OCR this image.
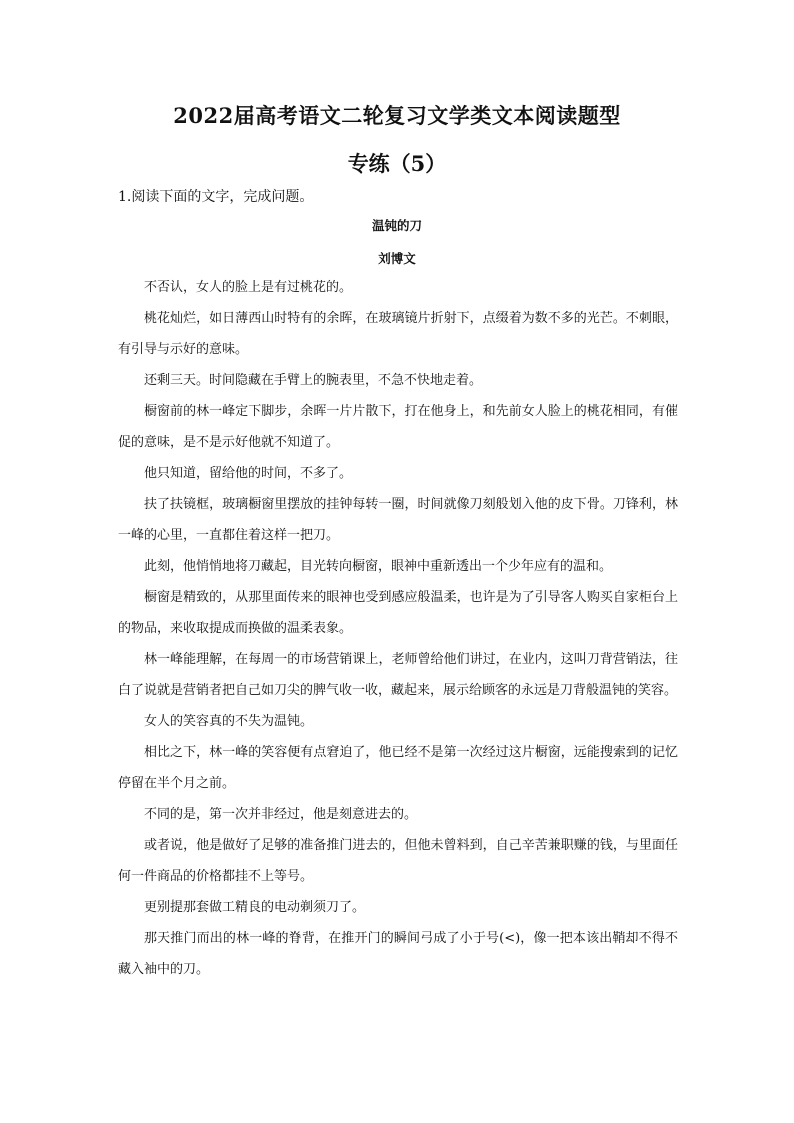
2022届高考语文二轮复习文学类文本阅读题型
专练（5）
1.阅读下面的文字，完成问题。
温钝的刀
刘博文

不否认，女人的脸上是有过桃花的。

桃花灿烂，如日薄西山时特有的余晖，在玻璃镜片折射下，点缀着为数不多的光芒。不刺眼，有引导与示好的意味。

还剩三天。时间隐藏在手臂上的腕表里，不急不快地走着。

橱窗前的林一峰定下脚步，余晖一片片散下，打在他身上，和先前女人脸上的桃花相同，有催促的意味，是不是示好他就不知道了。

他只知道，留给他的时间，不多了。

扶了扶镜框，玻璃橱窗里摆放的挂钟每转一圈，时间就像刀刻般划入他的皮下骨。刀锋利，林一峰的心里，一直都住着这样一把刀。

此刻，他悄悄地将刀藏起，目光转向橱窗，眼神中重新透出一个少年应有的温和。

橱窗是精致的，从那里面传来的眼神也受到感应般温柔，也许是为了引导客人购买自家柜台上的物品，来收取提成而换做的温柔表象。

林一峰能理解，在每周一的市场营销课上，老师曾给他们讲过，在业内，这叫刀背营销法，往白了说就是营销者把自己如刀尖的脾气收一收，藏起来，展示给顾客的永远是刀背般温钝的笑容。

女人的笑容真的不失为温钝。

相比之下，林一峰的笑容便有点窘迫了，他已经不是第一次经过这片橱窗，远能搜索到的记忆停留在半个月之前。

不同的是，第一次并非经过，他是刻意进去的。

或者说，他是做好了足够的准备推门进去的，但他未曾料到，自己辛苦兼职赚的钱，与里面任何一件商品的价格都挂不上等号。

更别提那套做工精良的电动剃须刀了。

那天推门而出的林一峰的脊背，在推开门的瞬间弓成了小于号(<)，像一把本该出鞘却不得不藏入袖中的刀。
